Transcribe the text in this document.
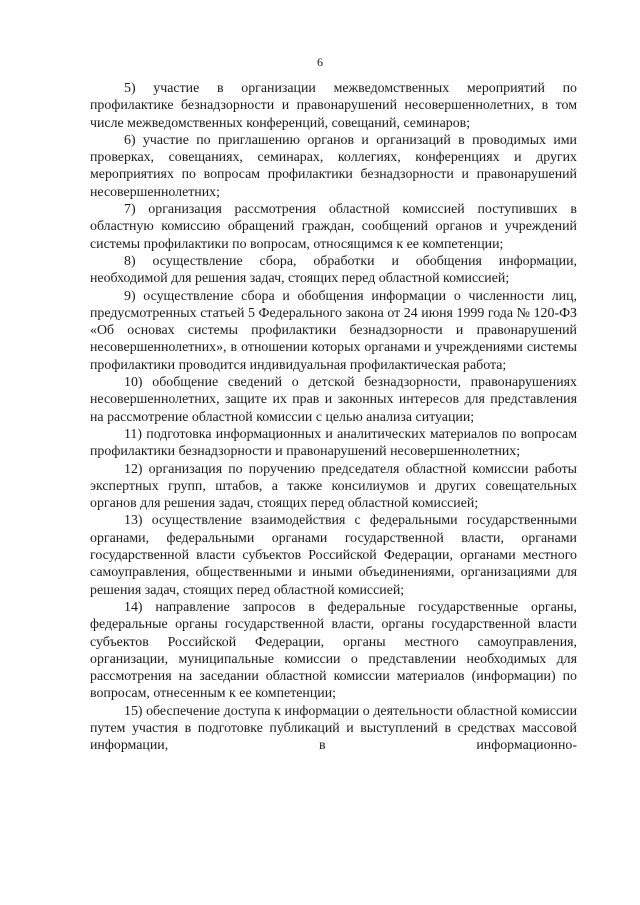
6

5) участие в организации межведомственных мероприятий по профилактике безнадзорности и правонарушений несовершеннолетних, в том числе межведомственных конференций, совещаний, семинаров;

6) участие по приглашению органов и организаций в проводимых ими проверках, совещаниях, семинарах, коллегиях, конференциях и других мероприятиях по вопросам профилактики безнадзорности и правонарушений несовершеннолетних;

7) организация рассмотрения областной комиссией поступивших в областную комиссию обращений граждан, сообщений органов и учреждений системы профилактики по вопросам, относящимся к ее компетенции;

8) осуществление сбора, обработки и обобщения информации, необходимой для решения задач, стоящих перед областной комиссией;

9) осуществление сбора и обобщения информации о численности лиц, предусмотренных статьей 5 Федерального закона от 24 июня 1999 года № 120-ФЗ «Об основах системы профилактики безнадзорности и правонарушений несовершеннолетних», в отношении которых органами и учреждениями системы профилактики проводится индивидуальная профилактическая работа;

10) обобщение сведений о детской безнадзорности, правонарушениях несовершеннолетних, защите их прав и законных интересов для представления на рассмотрение областной комиссии с целью анализа ситуации;

11) подготовка информационных и аналитических материалов по вопросам профилактики безнадзорности и правонарушений несовершеннолетних;

12) организация по поручению председателя областной комиссии работы экспертных групп, штабов, а также консилиумов и других совещательных органов для решения задач, стоящих перед областной комиссией;

13) осуществление взаимодействия с федеральными государственными органами, федеральными органами государственной власти, органами государственной власти субъектов Российской Федерации, органами местного самоуправления, общественными и иными объединениями, организациями для решения задач, стоящих перед областной комиссией;

14) направление запросов в федеральные государственные органы, федеральные органы государственной власти, органы государственной власти субъектов Российской Федерации, органы местного самоуправления, организации, муниципальные комиссии о представлении необходимых для рассмотрения на заседании областной комиссии материалов (информации) по вопросам, отнесенным к ее компетенции;

15) обеспечение доступа к информации о деятельности областной комиссии путем участия в подготовке публикаций и выступлений в средствах массовой информации, в информационно-
